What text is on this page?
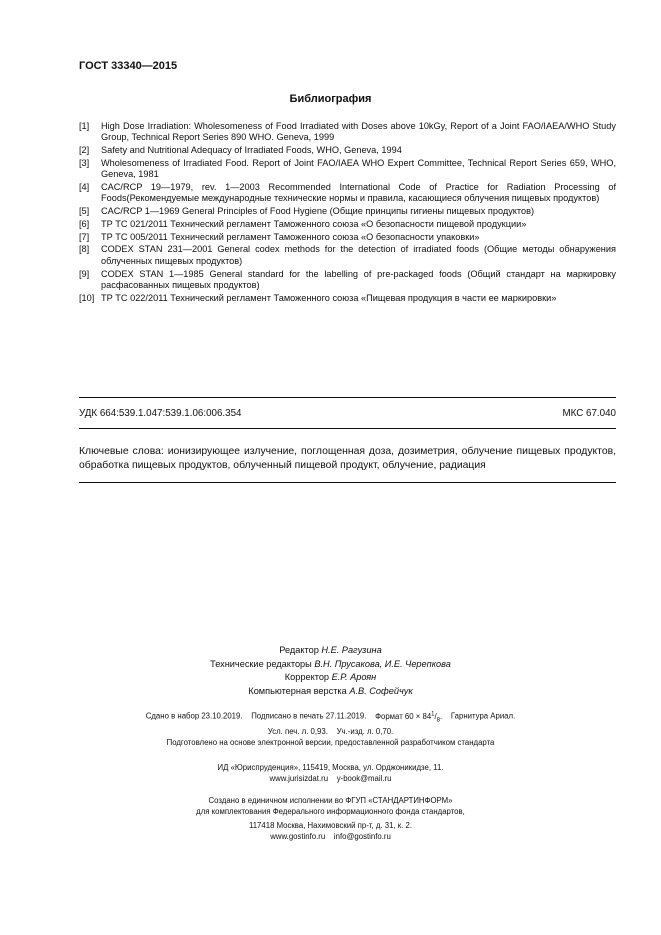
ГОСТ 33340—2015
Библиография
[1]	High Dose Irradiation: Wholesomeness of Food Irradiated with Doses above 10kGy, Report of a Joint FAO/IAEA/WHO Study Group, Technical Report Series 890 WHO. Geneva, 1999
[2]	Safety and Nutritional Adequacy of Irradiated Foods, WHO, Geneva, 1994
[3]	Wholesomeness of Irradiated Food. Report of Joint FAO/IAEA WHO Expert Committee, Technical Report Series 659, WHO, Geneva, 1981
[4]	CAC/RCP 19—1979, rev. 1—2003 Recommended International Code of Practice for Radiation Processing of Foods(Рекомендуемые международные технические нормы и правила, касающиеся облучения пищевых продуктов)
[5]	CAC/RCP 1—1969 General Principles of Food Hygiene (Общие принципы гигиены пищевых продуктов)
[6]	ТР ТС 021/2011 Технический регламент Таможенного союза «О безопасности пищевой продукции»
[7]	ТР ТС 005/2011 Технический регламент Таможенного союза «О безопасности упаковки»
[8]	CODEX STAN 231—2001 General codex methods for the detection of irradiated foods (Общие методы обнаружения облученных пищевых продуктов)
[9]	CODEX STAN 1—1985 General standard for the labelling of pre-packaged foods (Общий стандарт на маркировку расфасованных пищевых продуктов)
[10] ТР ТС 022/2011 Технический регламент Таможенного союза «Пищевая продукция в части ее маркировки»
УДК 664:539.1.047:539.1.06:006.354	МКС 67.040
Ключевые слова: ионизирующее излучение, поглощенная доза, дозиметрия, облучение пищевых продуктов, обработка пищевых продуктов, облученный пищевой продукт, облучение, радиация
Редактор Н.Е. Рагузина
Технические редакторы В.Н. Прусакова, И.Е. Черепкова
Корректор Е.Р. Ароян
Компьютерная верстка А.В. Софейчук
Сдано в набор 23.10.2019. Подписано в печать 27.11.2019. Формат $60 \times 84^1/_8$. Гарнитура Ариал.
Усл. печ. л. 0,93. Уч.-изд. л. 0,70.
Подготовлено на основе электронной версии, предоставленной разработчиком стандарта
ИД «Юриспруденция», 115419, Москва, ул. Орджоникидзе, 11.
www.jurisizdat.ru y-book@mail.ru
Создано в единичном исполнении во ФГУП «СТАНДАРТИНФОРМ»
для комплектования Федерального информационного фонда стандартов,
117418 Москва, Нахимовский пр-т, д. 31, к. 2.
www.gostinfo.ru info@gostinfo.ru
